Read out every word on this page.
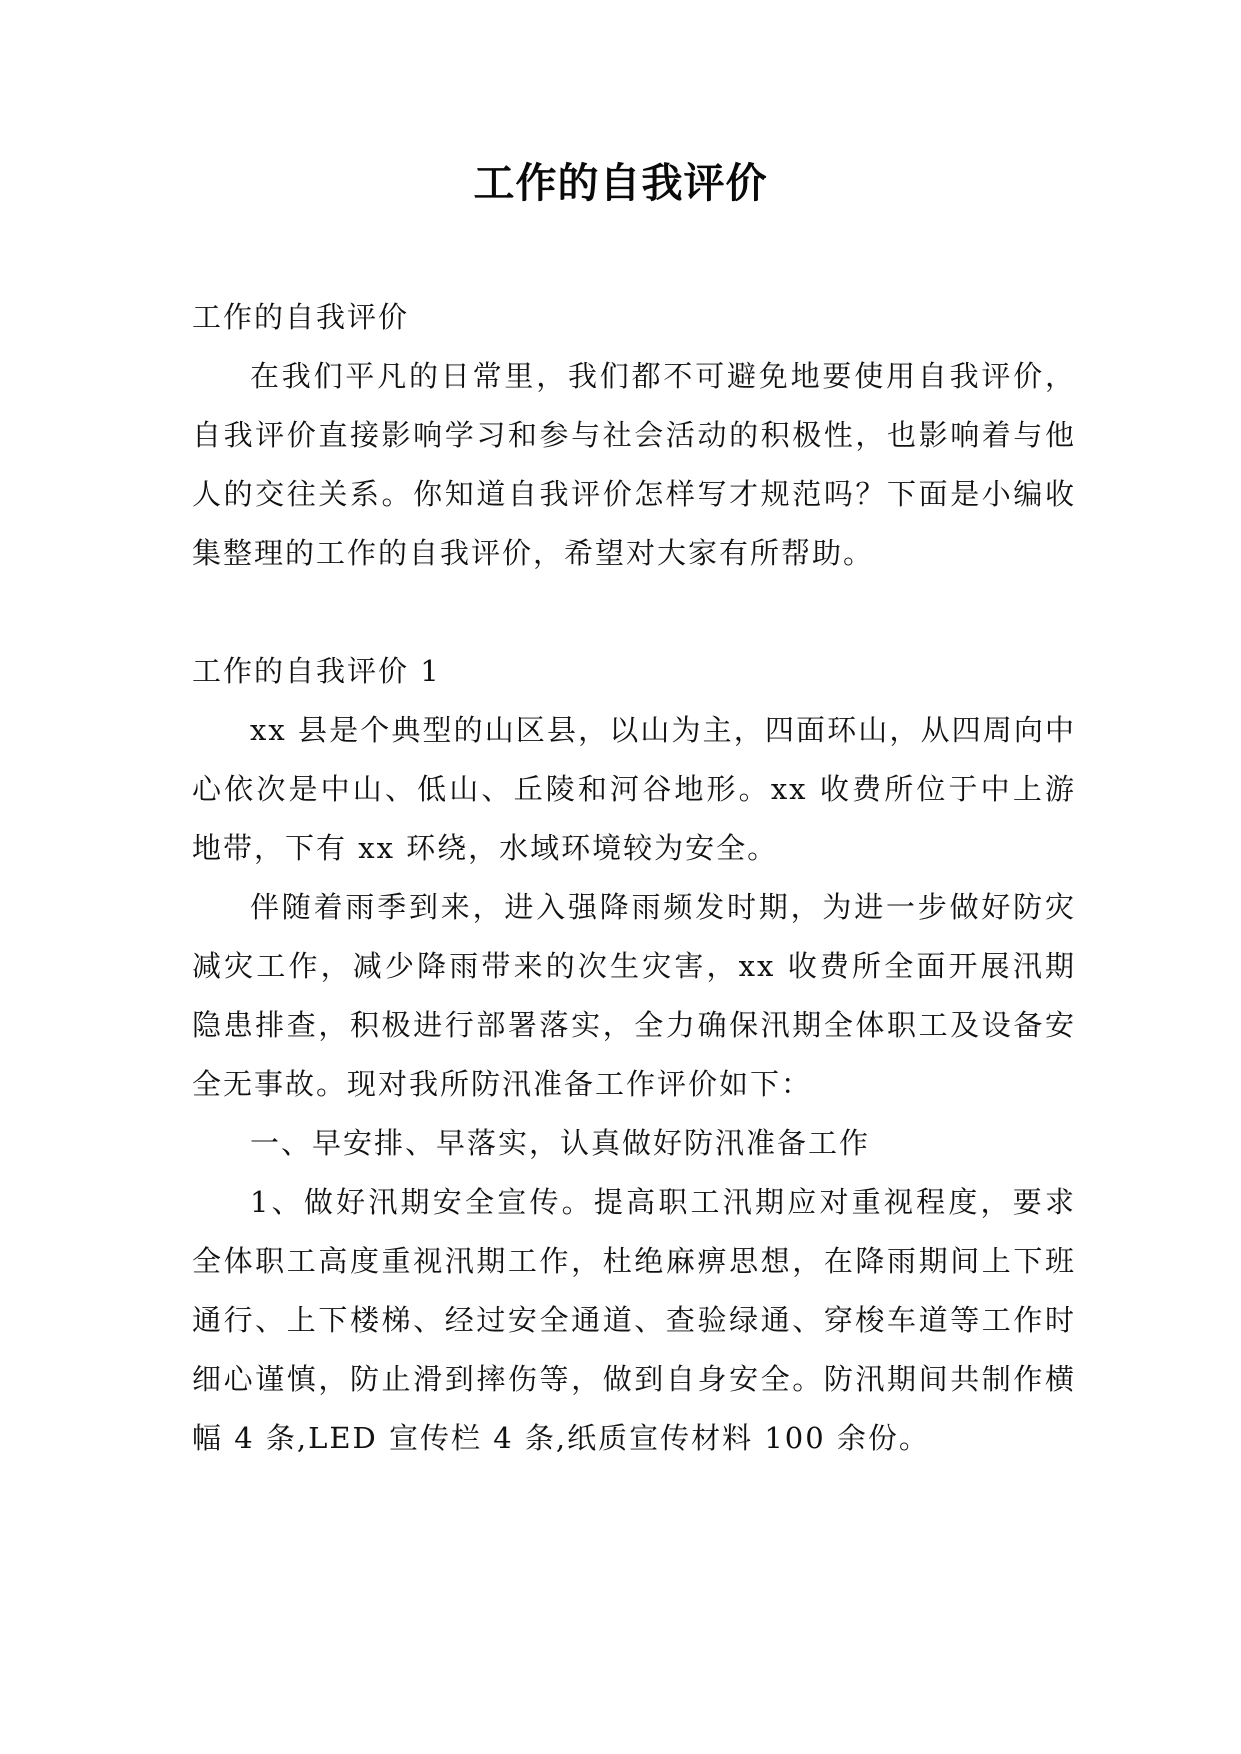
工作的自我评价

工作的自我评价

在我们平凡的日常里，我们都不可避免地要使用自我评价，自我评价直接影响学习和参与社会活动的积极性，也影响着与他人的交往关系。你知道自我评价怎样写才规范吗？下面是小编收集整理的工作的自我评价，希望对大家有所帮助。

工作的自我评价 1

xx 县是个典型的山区县，以山为主，四面环山，从四周向中心依次是中山、低山、丘陵和河谷地形。xx 收费所位于中上游地带，下有 xx 环绕，水域环境较为安全。

伴随着雨季到来，进入强降雨频发时期，为进一步做好防灾减灾工作，减少降雨带来的次生灾害，xx 收费所全面开展汛期隐患排查，积极进行部署落实，全力确保汛期全体职工及设备安全无事故。现对我所防汛准备工作评价如下：

一、早安排、早落实，认真做好防汛准备工作

1、做好汛期安全宣传。提高职工汛期应对重视程度，要求全体职工高度重视汛期工作，杜绝麻痹思想，在降雨期间上下班通行、上下楼梯、经过安全通道、查验绿通、穿梭车道等工作时细心谨慎，防止滑到摔伤等，做到自身安全。防汛期间共制作横幅 4 条,LED 宣传栏 4 条,纸质宣传材料 100 余份。
